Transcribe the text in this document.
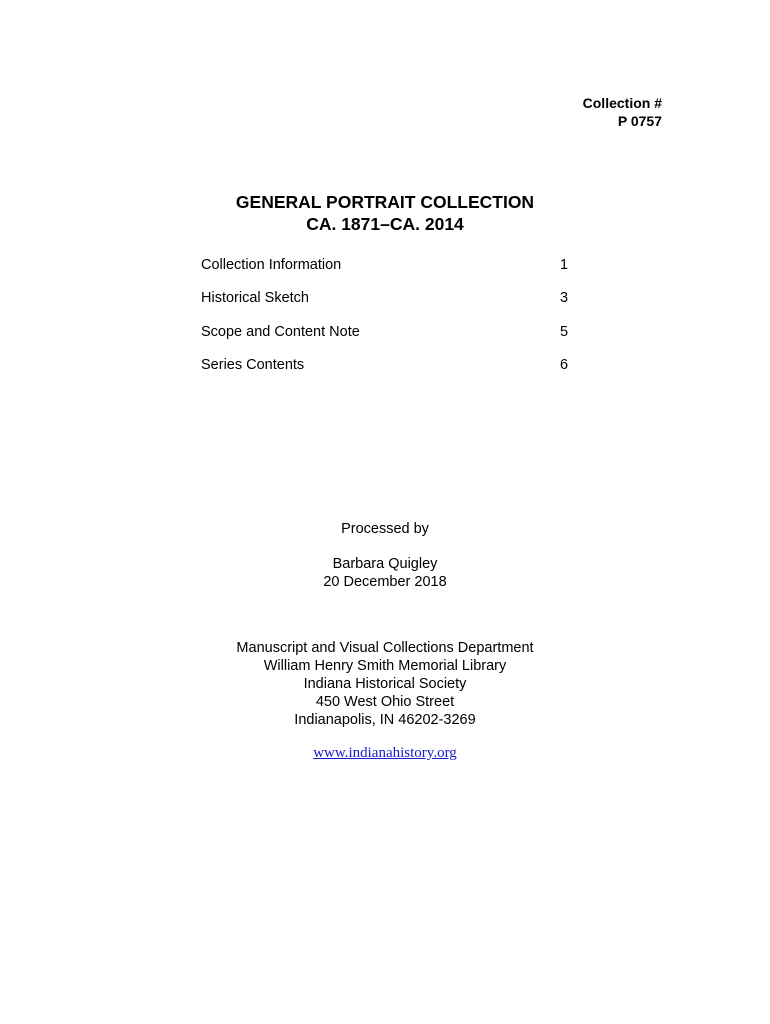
Collection #
P 0757
GENERAL PORTRAIT COLLECTION
CA. 1871–CA. 2014
Collection Information	1
Historical Sketch	3
Scope and Content Note	5
Series Contents	6
Processed by
Barbara Quigley
20 December 2018
Manuscript and Visual Collections Department
William Henry Smith Memorial Library
Indiana Historical Society
450 West Ohio Street
Indianapolis, IN 46202-3269
www.indianahistory.org
